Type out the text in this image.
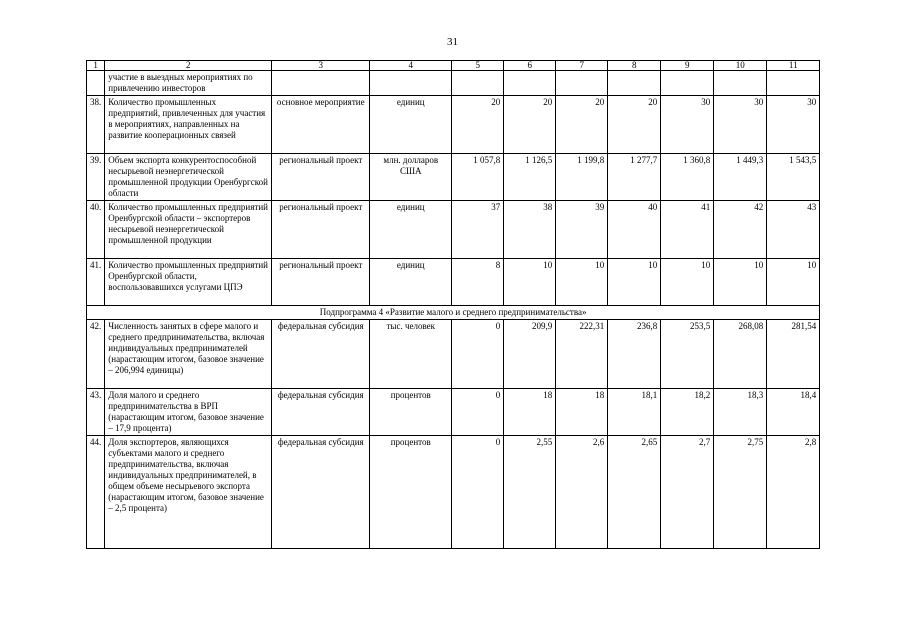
31
1	2	3	4	5	6	7	8	9	10	11
	участие в выездных мероприятиях по привлечению инвесторов									
38.	Количество промышленных предприятий, привлеченных для участия в мероприятиях, направленных на развитие кооперационных связей	основное мероприятие	единиц	20	20	20	20	30	30	30
39.	Объем экспорта конкурентоспособной несырьевой неэнергетической промышленной продукции Оренбургской области	региональный проект	млн. долларов США	1 057,8	1 126,5	1 199,8	1 277,7	1 360,8	1 449,3	1 543,5
40.	Количество промышленных предприятий Оренбургской области – экспортеров несырьевой неэнергетической промышленной продукции	региональный проект	единиц	37	38	39	40	41	42	43
41.	Количество промышленных предприятий Оренбургской области, воспользовавшихся услугами ЦПЭ	региональный проект	единиц	8	10	10	10	10	10	10
Подпрограмма 4 «Развитие малого и среднего предпринимательства»										
42.	Численность занятых в сфере малого и среднего предпринимательства, включая индивидуальных предпринимателей (нарастающим итогом, базовое значение – 206,994 единицы)	федеральная субсидия	тыс. человек	0	209,9	222,31	236,8	253,5	268,08	281,54
43.	Доля малого и среднего предпринимательства в ВРП (нарастающим итогом, базовое значение – 17,9 процента)	федеральная субсидия	процентов	0	18	18	18,1	18,2	18,3	18,4
44.	Доля экспортеров, являющихся субъектами малого и среднего предпринимательства, включая индивидуальных предпринимателей, в общем объеме несырьевого экспорта (нарастающим итогом, базовое значение – 2,5 процента)	федеральная субсидия	процентов	0	2,55	2,6	2,65	2,7	2,75	2,8
